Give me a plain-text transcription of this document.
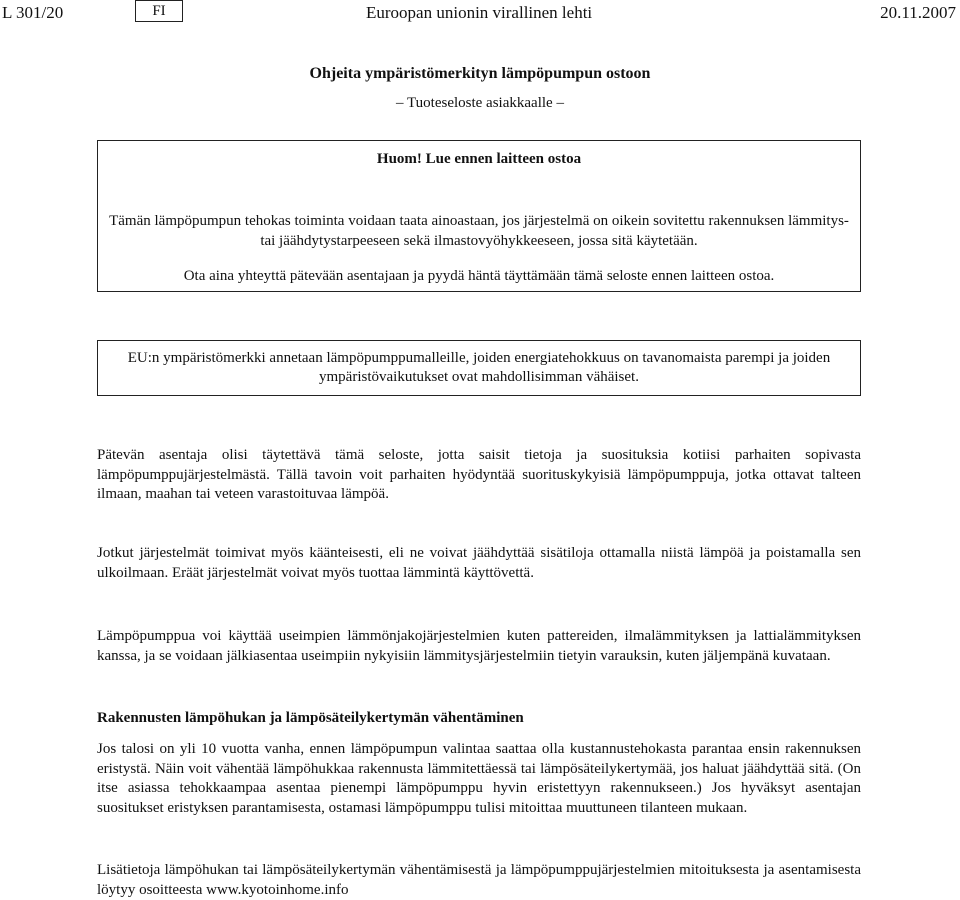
L 301/20	FI	Euroopan unionin virallinen lehti	20.11.2007
Ohjeita ympäristömerkityn lämpöpumpun ostoon
– Tuoteseloste asiakkaalle –
Huom! Lue ennen laitteen ostoa
Tämän lämpöpumpun tehokas toiminta voidaan taata ainoastaan, jos järjestelmä on oikein sovitettu rakennuksen lämmitys- tai jäähdytystarpeeseen sekä ilmastovyöhykkeeseen, jossa sitä käytetään.
Ota aina yhteyttä pätevään asentajaan ja pyydä häntä täyttämään tämä seloste ennen laitteen ostoa.
EU:n ympäristömerkki annetaan lämpöpumppumalleille, joiden energiatehokkuus on tavanomaista parempi ja joiden ympäristövaikutukset ovat mahdollisimman vähäiset.
Pätevän asentaja olisi täytettävä tämä seloste, jotta saisit tietoja ja suosituksia kotiisi parhaiten sopivasta lämpöpumppujärjestelmästä. Tällä tavoin voit parhaiten hyödyntää suorituskykyisiä lämpöpumppuja, jotka ottavat talteen ilmaan, maahan tai veteen varastoituvaa lämpöä.
Jotkut järjestelmät toimivat myös käänteisesti, eli ne voivat jäähdyttää sisätiloja ottamalla niistä lämpöä ja poistamalla sen ulkoilmaan. Eräät järjestelmät voivat myös tuottaa lämmintä käyttövettä.
Lämpöpumppua voi käyttää useimpien lämmönjakojärjestelmien kuten pattereiden, ilmalämmityksen ja lattialämmityksen kanssa, ja se voidaan jälkiasentaa useimpiin nykyisiin lämmitysjärjestelmiin tietyin varauksin, kuten jäljempänä kuvataan.
Rakennusten lämpöhukan ja lämpösäteilykertymän vähentäminen
Jos talosi on yli 10 vuotta vanha, ennen lämpöpumpun valintaa saattaa olla kustannustehokasta parantaa ensin rakennuksen eristystä. Näin voit vähentää lämpöhukkaa rakennusta lämmitettäessä tai lämpösäteilykertymää, jos haluat jäähdyttää sitä. (On itse asiassa tehokkaampaa asentaa pienempi lämpöpumppu hyvin eristettyyn rakennukseen.) Jos hyväksyt asentajan suositukset eristyksen parantamisesta, ostamasi lämpöpumppu tulisi mitoittaa muuttuneen tilanteen mukaan.
Lisätietoja lämpöhukan tai lämpösäteilykertymän vähentämisestä ja lämpöpumppujärjestelmien mitoituksesta ja asentamisesta löytyy osoitteesta www.kyotoinhome.info
